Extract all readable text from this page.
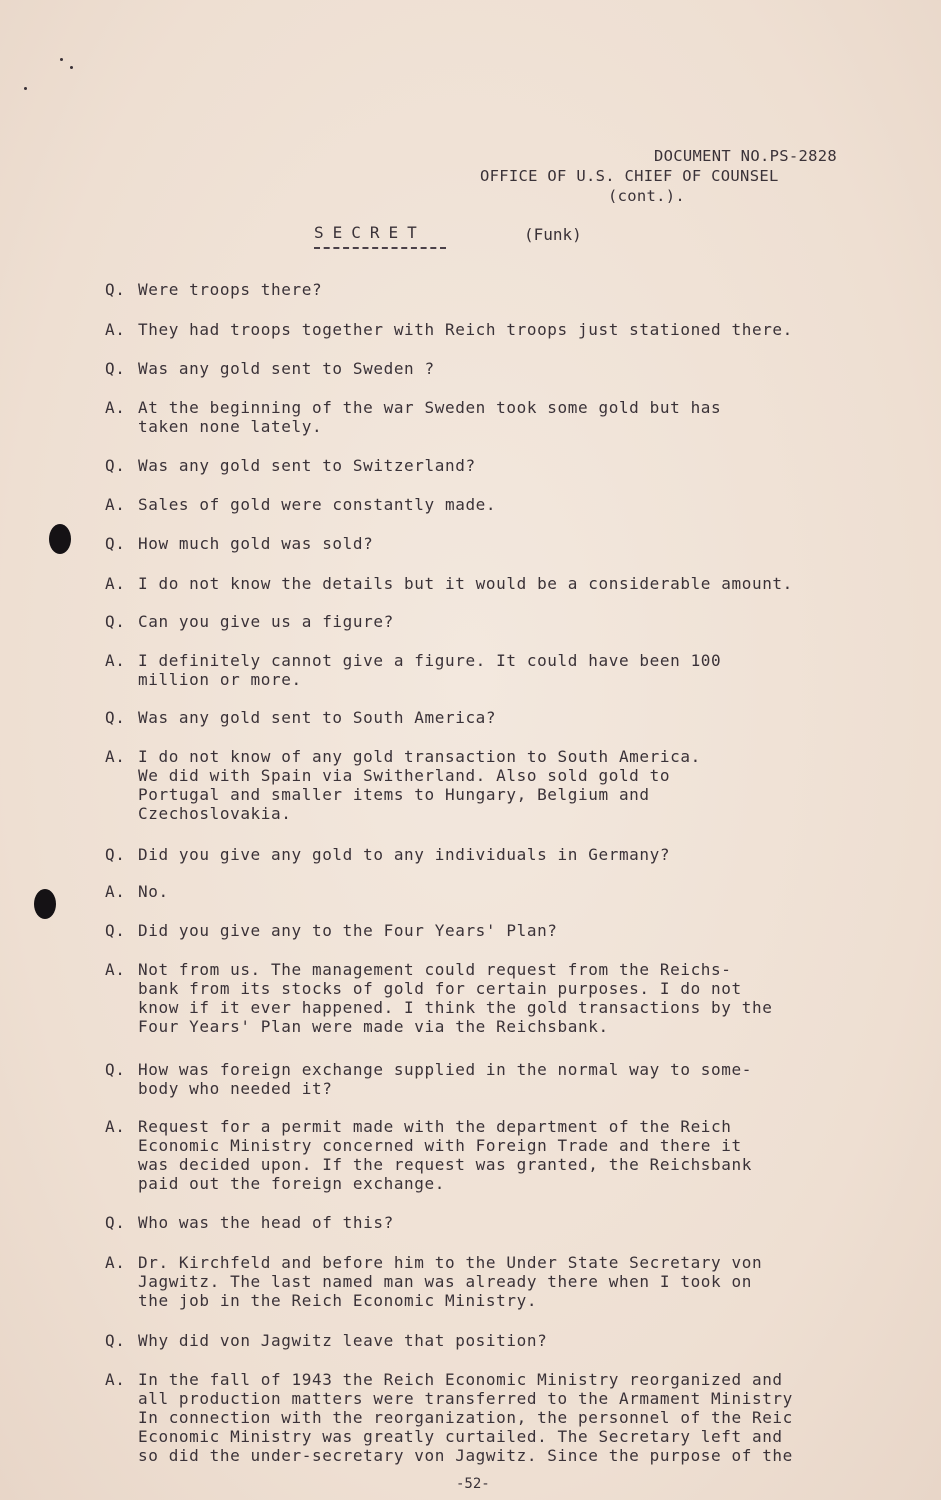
DOCUMENT NO.PS-2828
OFFICE OF U.S. CHIEF OF COUNSEL
(cont.).
SECRET	(Funk)
Q. Were troops there?
A. They had troops together with Reich troops just stationed there.
Q. Was any gold sent to Sweden ?
A. At the beginning of the war Sweden took some gold but has
taken none lately.
Q. Was any gold sent to Switzerland?
A. Sales of gold were constantly made.
Q. How much gold was sold?
A. I do not know the details but it would be a considerable amount.
Q. Can you give us a figure?
A. I definitely cannot give a figure. It could have been 100
million or more.
Q. Was any gold sent to South America?
A. I do not know of any gold transaction to South America.
We did with Spain via Switherland. Also sold gold to
Portugal and smaller items to Hungary, Belgium and
Czechoslovakia.
Q. Did you give any gold to any individuals in Germany?
A. No.
Q. Did you give any to the Four Years' Plan?
A. Not from us. The management could request from the Reichs-
bank from its stocks of gold for certain purposes. I do not
know if it ever happened. I think the gold transactions by the
Four Years' Plan were made via the Reichsbank.
Q. How was foreign exchange supplied in the normal way to some-
body who needed it?
A. Request for a permit made with the department of the Reich
Economic Ministry concerned with Foreign Trade and there it
was decided upon. If the request was granted, the Reichsbank
paid out the foreign exchange.
Q. Who was the head of this?
A. Dr. Kirchfeld and before him to the Under State Secretary von
Jagwitz. The last named man was already there when I took on
the job in the Reich Economic Ministry.
Q. Why did von Jagwitz leave that position?
A. In the fall of 1943 the Reich Economic Ministry reorganized and
all production matters were transferred to the Armament Ministry
In connection with the reorganization, the personnel of the Reic
Economic Ministry was greatly curtailed. The Secretary left and
so did the under-secretary von Jagwitz. Since the purpose of the
-52-
